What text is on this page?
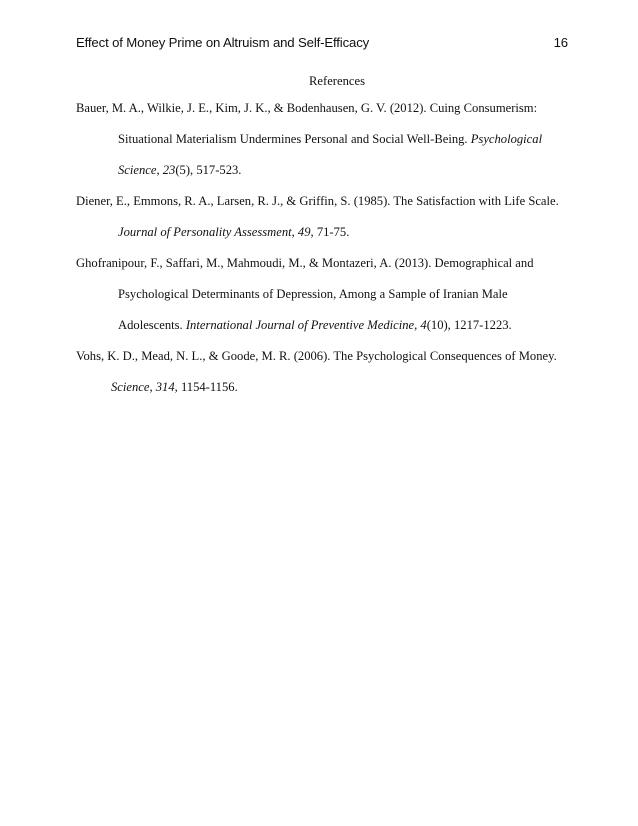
Effect of Money Prime on Altruism and Self-Efficacy	16
References
Bauer, M. A., Wilkie, J. E., Kim, J. K., & Bodenhausen, G. V. (2012). Cuing Consumerism:
Situational Materialism Undermines Personal and Social Well-Being. Psychological
Science, 23(5), 517-523.
Diener, E., Emmons, R. A., Larsen, R. J., & Griffin, S. (1985). The Satisfaction with Life Scale.
Journal of Personality Assessment, 49, 71-75.
Ghofranipour, F., Saffari, M., Mahmoudi, M., & Montazeri, A. (2013). Demographical and
Psychological Determinants of Depression, Among a Sample of Iranian Male
Adolescents. International Journal of Preventive Medicine, 4(10), 1217-1223.
Vohs, K. D., Mead, N. L., & Goode, M. R. (2006). The Psychological Consequences of Money.
Science, 314, 1154-1156.
